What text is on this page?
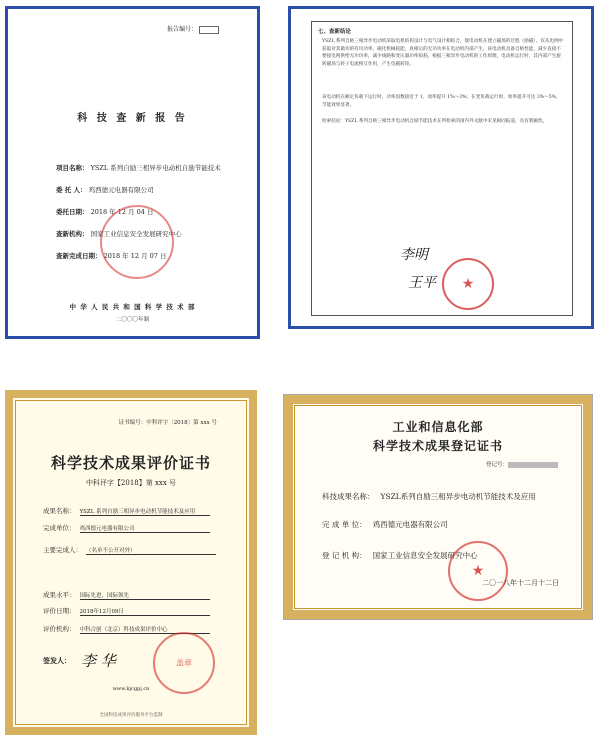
报告编号：
科 技 查 新 报 告
项目名称： YSZL 系列自励三相异步电动机自励节能技术
委 托 人： 鸡西德元电器有限公司
委托日期： 2018 年 12 月 04 日
查新机构： 国家工业信息安全发展研究中心
查新完成日期： 2018 年 12 月 07 日
中 华 人 民 共 和 国 科 学 技 术 部
二〇〇〇年制
七、查新结论
YSZL 系列自励三相异步电动机采取电机结构设计与电气设计相结合，使电动机在建立磁场的过程（励磁），仅从电网中获取对其做功的有功功率，磁化机械耗能，真相后的无功功率在电动机内部产生。该电动机具备自励性能，减少直接不要接电网供给无功功率，减少线路和变压器功率损耗。根据三相异步电动机的工作原理，电动机运行时，其内部产生旋转磁场与转子电流相互作用，产生电磁转矩。
该电动机在额定负载下运行时，功率因数接近于 1，效率提升 1%～3%；在变负载运行时，效率提升可达 3%～5%，节能效果显著。
检索结论：YSZL 系列自励三相异步电动机自励节能技术在所检索的国内外文献中未见相同报道，具有新颖性。
李明
王平 ★
证书编号：中科评字〔2018〕第 xxx 号
科学技术成果评价证书
中科评字【2018】第 xxx 号
成果名称： YSZL 系列自励三相异步电动机节能技术及应用
完成单位： 鸡西德元电器有限公司
主要完成人： （名单不公开对外）
成果水平： 国际先进，国际领先
评价日期： 2018年12月09日
评价机构： 中科合创（北京）科技成果评价中心
盖章
签发人： 李 华
www.kjcgpj.cn
全国科技成果评价服务平台监制
工业和信息化部
科学技术成果登记证书
登记号：
科技成果名称： YSZL系列自励三相异步电动机节能技术及应用
完 成 单 位： 鸡西德元电器有限公司
登 记 机 构： 国家工业信息安全发展研究中心
★
二〇一八年十二月十二日
